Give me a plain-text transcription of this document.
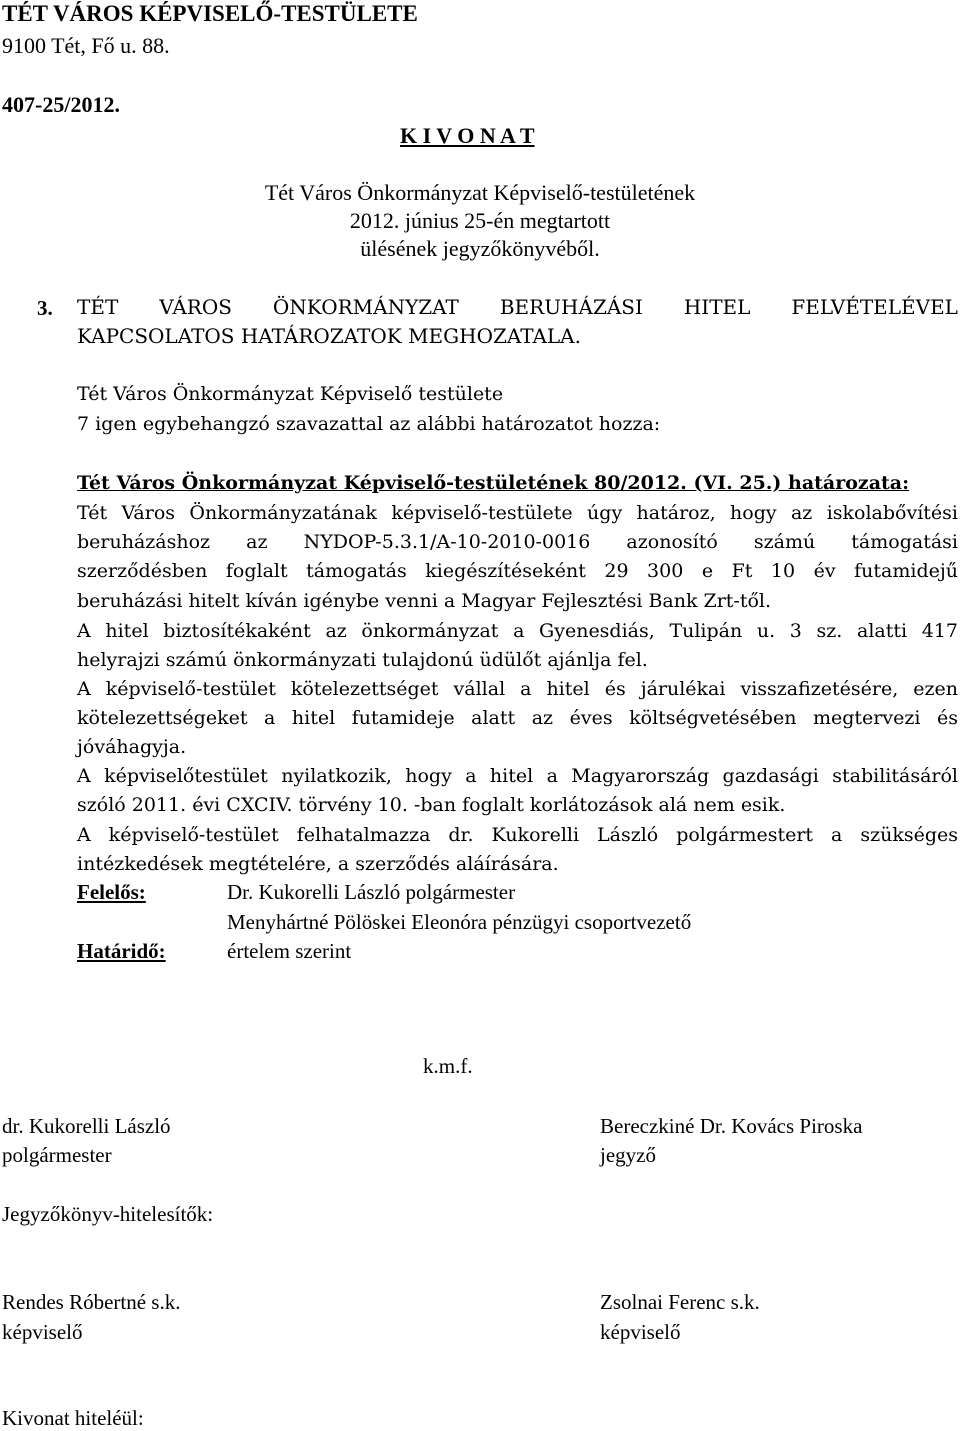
TÉT VÁROS KÉPVISELŐ-TESTÜLETE
9100 Tét, Fő u. 88.
407-25/2012.
K I V O N A T
Tét Város Önkormányzat Képviselő-testületének
2012. június 25-én megtartott
ülésének jegyzőkönyvéből.
3. TÉT VÁROS ÖNKORMÁNYZAT BERUHÁZÁSI HITEL FELVÉTELÉVEL
KAPCSOLATOS HATÁROZATOK MEGHOZATALA.
Tét Város Önkormányzat Képviselő testülete
7 igen egybehangzó szavazattal az alábbi határozatot hozza:
Tét Város Önkormányzat Képviselő-testületének 80/2012. (VI. 25.) határozata:
Tét Város Önkormányzatának képviselő-testülete úgy határoz, hogy az iskolabővítési
beruházáshoz az NYDOP-5.3.1/A-10-2010-0016 azonosító számú támogatási
szerződésben foglalt támogatás kiegészítéseként 29 300 e Ft 10 év futamidejű
beruházási hitelt kíván igénybe venni a Magyar Fejlesztési Bank Zrt-től.
A hitel biztosítékaként az önkormányzat a Gyenesdiás, Tulipán u. 3 sz. alatti 417
helyrajzi számú önkormányzati tulajdonú üdülőt ajánlja fel.
A képviselő-testület kötelezettséget vállal a hitel és járulékai visszafizetésére, ezen
kötelezettségeket a hitel futamideje alatt az éves költségvetésében megtervezi és
jóváhagyja.
A képviselőtestület nyilatkozik, hogy a hitel a Magyarország gazdasági stabilitásáról
szóló 2011. évi CXCIV. törvény 10. -ban foglalt korlátozások alá nem esik.
A képviselő-testület felhatalmazza dr. Kukorelli László polgármestert a szükséges
intézkedések megtételére, a szerződés aláírására.
Felelős:	Dr. Kukorelli László polgármester
Menyhártné Pölöskei Eleonóra pénzügyi csoportvezető
Határidő:	értelem szerint
k.m.f.
dr. Kukorelli László
polgármester
Bereczkiné Dr. Kovács Piroska
jegyző
Jegyzőkönyv-hitelesítők:
Rendes Róbertné s.k.
képviselő
Zsolnai Ferenc s.k.
képviselő
Kivonat hiteléül:
